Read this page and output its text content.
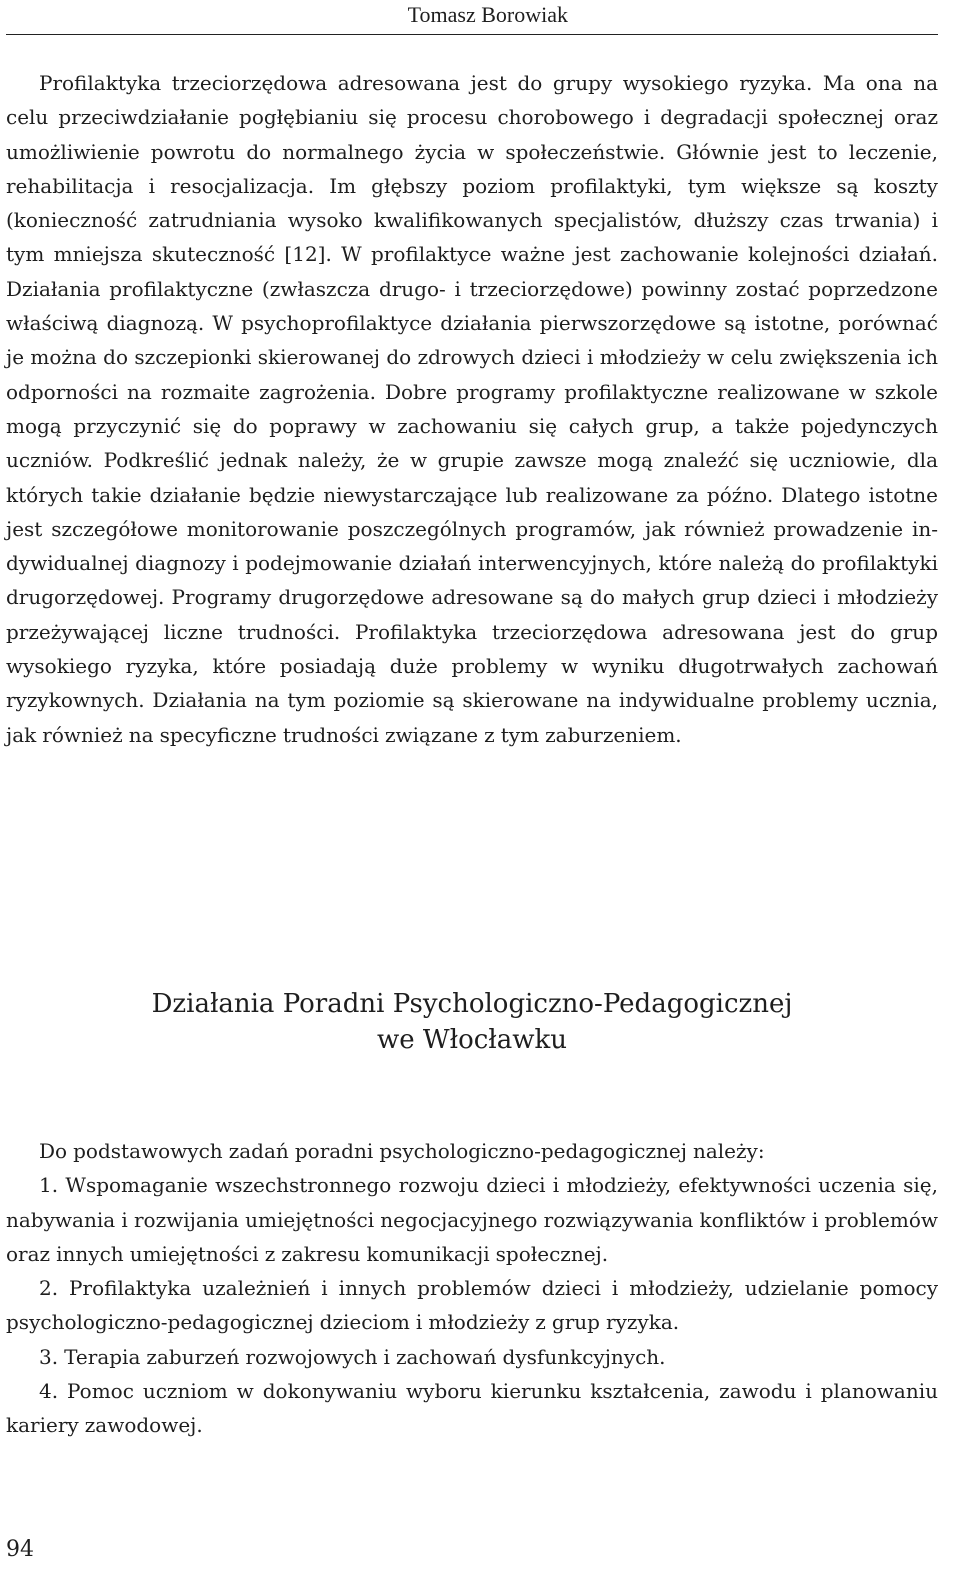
Tomasz Borowiak

Profilaktyka trzeciorzędowa adresowana jest do grupy wysokiego ryzyka. Ma ona na celu przeciwdziałanie pogłębianiu się procesu chorobowego i degradacji społecznej oraz umożliwienie powrotu do normalnego życia w społeczeństwie. Głównie jest to leczenie, rehabilitacja i resocjalizacja. Im głębszy poziom profilaktyki, tym większe są koszty (konieczność zatrudniania wysoko kwalifikowanych specjalistów, dłuższy czas trwania) i tym mniejsza skuteczność [12]. W profilaktyce ważne jest zachowanie kolejności działań. Działania profilaktyczne (zwłaszcza drugo- i trzeciorzędowe) powinny zostać poprzedzone właściwą diagnozą. W psychoprofilaktyce działania pierwszorzędowe są istotne, porównać je można do szczepionki skierowanej do zdrowych dzieci i młodzieży w celu zwiększenia ich odporności na rozmaite zagrożenia. Dobre programy profilaktyczne realizowane w szkole mogą przyczynić się do poprawy w zachowaniu się całych grup, a także pojedynczych uczniów. Podkreślić jednak należy, że w grupie zawsze mogą znaleźć się uczniowie, dla których takie działanie będzie niewystarczające lub realizowane za późno. Dlatego istotne jest szczegółowe monitorowanie poszczególnych programów, jak również prowadzenie indywidualnej diagnozy i podejmowanie działań interwencyjnych, które należą do profilaktyki drugorzędowej. Programy drugorzędowe adresowane są do małych grup dzieci i młodzieży przeżywającej liczne trudności. Profilaktyka trzeciorzędowa adresowana jest do grup wysokiego ryzyka, które posiadają duże problemy w wyniku długotrwałych zachowań ryzykownych. Działania na tym poziomie są skierowane na indywidualne problemy ucznia, jak również na specyficzne trudności związane z tym zaburzeniem.

Działania Poradni Psychologiczno-Pedagogicznej
we Włocławku

Do podstawowych zadań poradni psychologiczno-pedagogicznej należy:

1. Wspomaganie wszechstronnego rozwoju dzieci i młodzieży, efektywności uczenia się, nabywania i rozwijania umiejętności negocjacyjnego rozwiązywania konfliktów i problemów oraz innych umiejętności z zakresu komunikacji społecznej.

2. Profilaktyka uzależnień i innych problemów dzieci i młodzieży, udzielanie pomocy psychologiczno-pedagogicznej dzieciom i młodzieży z grup ryzyka.

3. Terapia zaburzeń rozwojowych i zachowań dysfunkcyjnych.

4. Pomoc uczniom w dokonywaniu wyboru kierunku kształcenia, zawodu i planowaniu kariery zawodowej.

94
